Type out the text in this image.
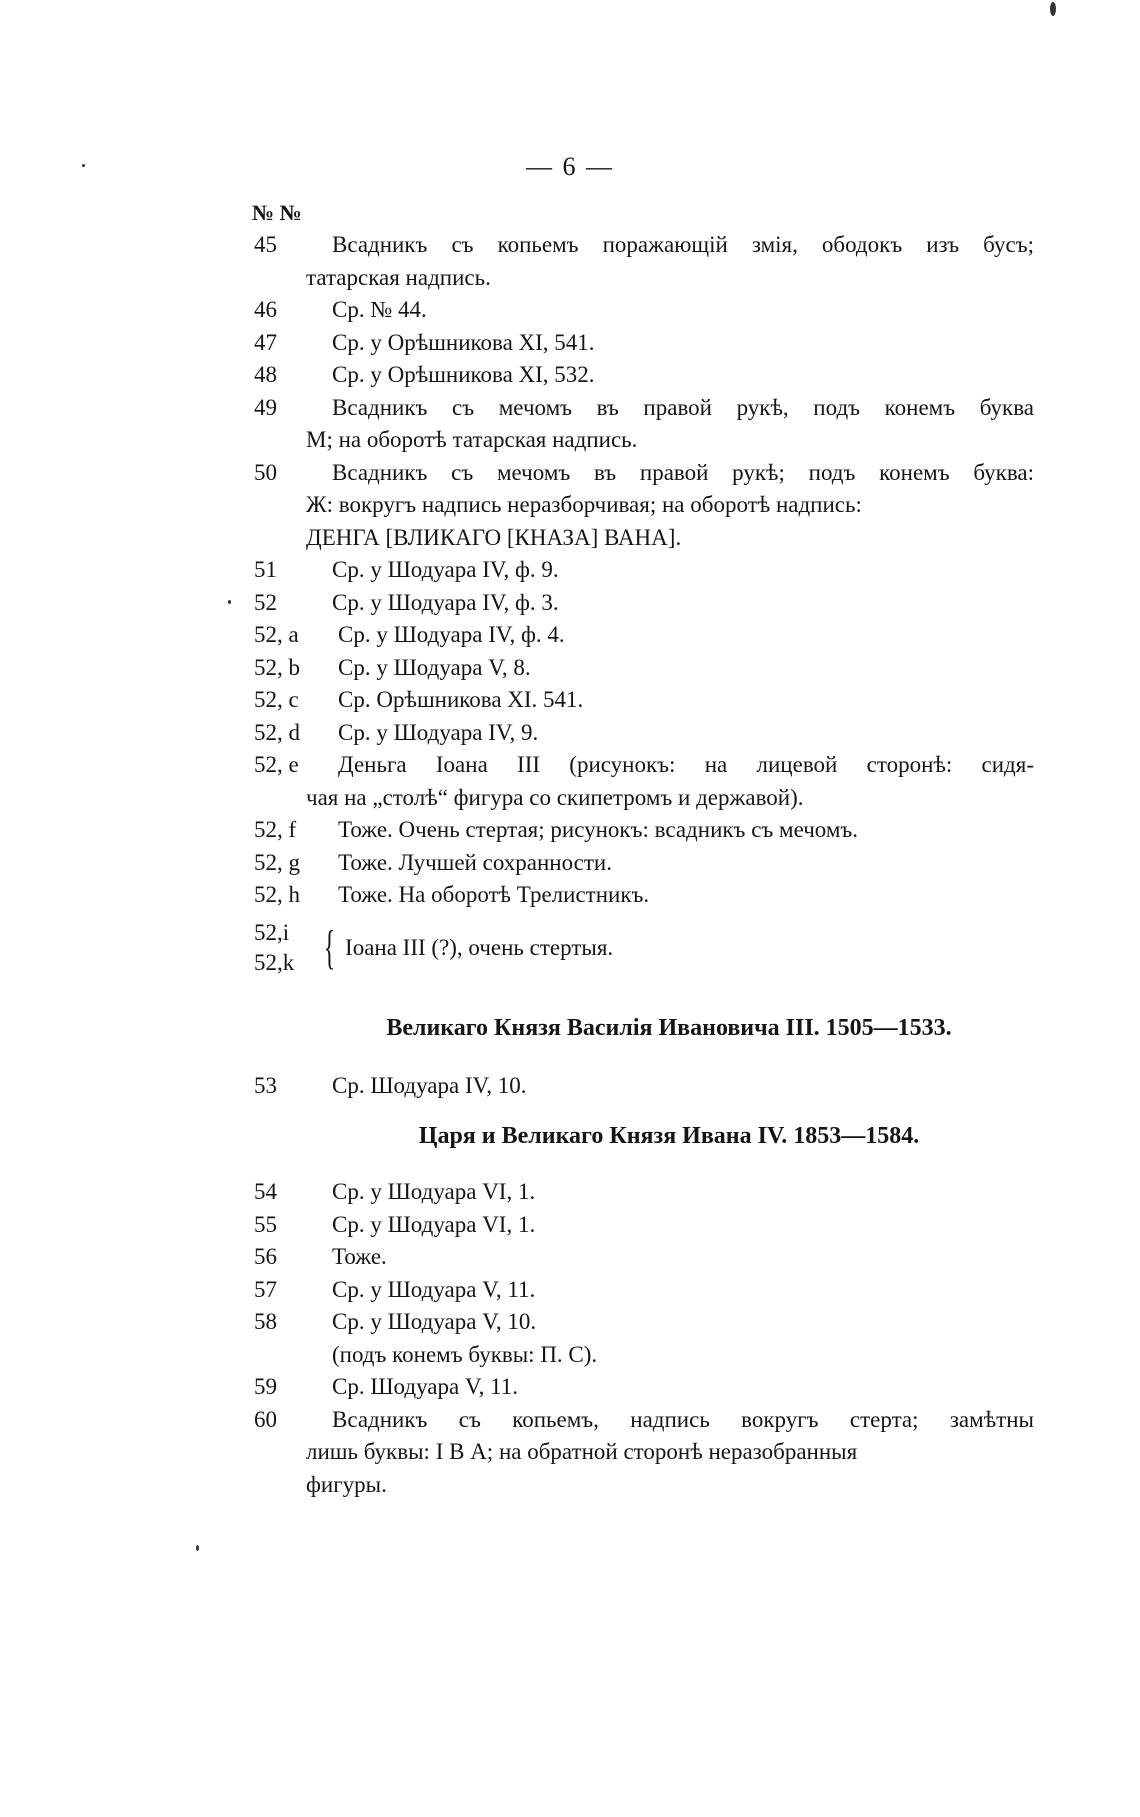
— 6 —
№ №
45	Всадникъ съ копьемъ поражающій змія, ободокъ изъ бусъ;
татарская надпись.
46	Ср. № 44.
47	Ср. у Орѣшникова XI, 541.
48	Ср. у Орѣшникова XI, 532.
49	Всадникъ съ мечомъ въ правой рукѣ, подъ конемъ буква
М; на оборотѣ татарская надпись.
50	Всадникъ съ мечомъ въ правой рукѣ; подъ конемъ буква:
Ж: вокругъ надпись неразборчивая; на оборотѣ надпись:
ДЕНГА [ВЛИКАГО [КНАЗА] ВАНА].
51	Ср. у Шодуара IV, ф. 9.
52	Ср. у Шодуара IV, ф. 3.
52, a	Ср. у Шодуара IV, ф. 4.
52, b	Ср. у Шодуара V, 8.
52, c	Ср. Орѣшникова XI. 541.
52, d	Ср. у Шодуара IV, 9.
52, e	Деньга Іоана III (рисунокъ: на лицевой сторонѣ: сидя-
чая на „столѣ“ фигура со скипетромъ и державой).
52, f	Тоже. Очень стертая; рисунокъ: всадникъ съ мечомъ.
52, g	Тоже. Лучшей сохранности.
52, h	Тоже. На оборотѣ Трелистникъ.
52,i
52,k { Іоана III (?), очень стертыя.
Великаго Князя Василія Ивановича III. 1505—1533.
53	Ср. Шодуара IV, 10.
Царя и Великаго Князя Ивана IV. 1853—1584.
54	Ср. у Шодуара VI, 1.
55	Ср. у Шодуара VI, 1.
56	Тоже.
57	Ср. у Шодуара V, 11.
58	Ср. у Шодуара V, 10.
(подъ конемъ буквы: П. С).
59	Ср. Шодуара V, 11.
60	Всадникъ съ копьемъ, надпись вокругъ стерта; замѣтны
лишь буквы: I В А; на обратной сторонѣ неразобранныя
фигуры.
